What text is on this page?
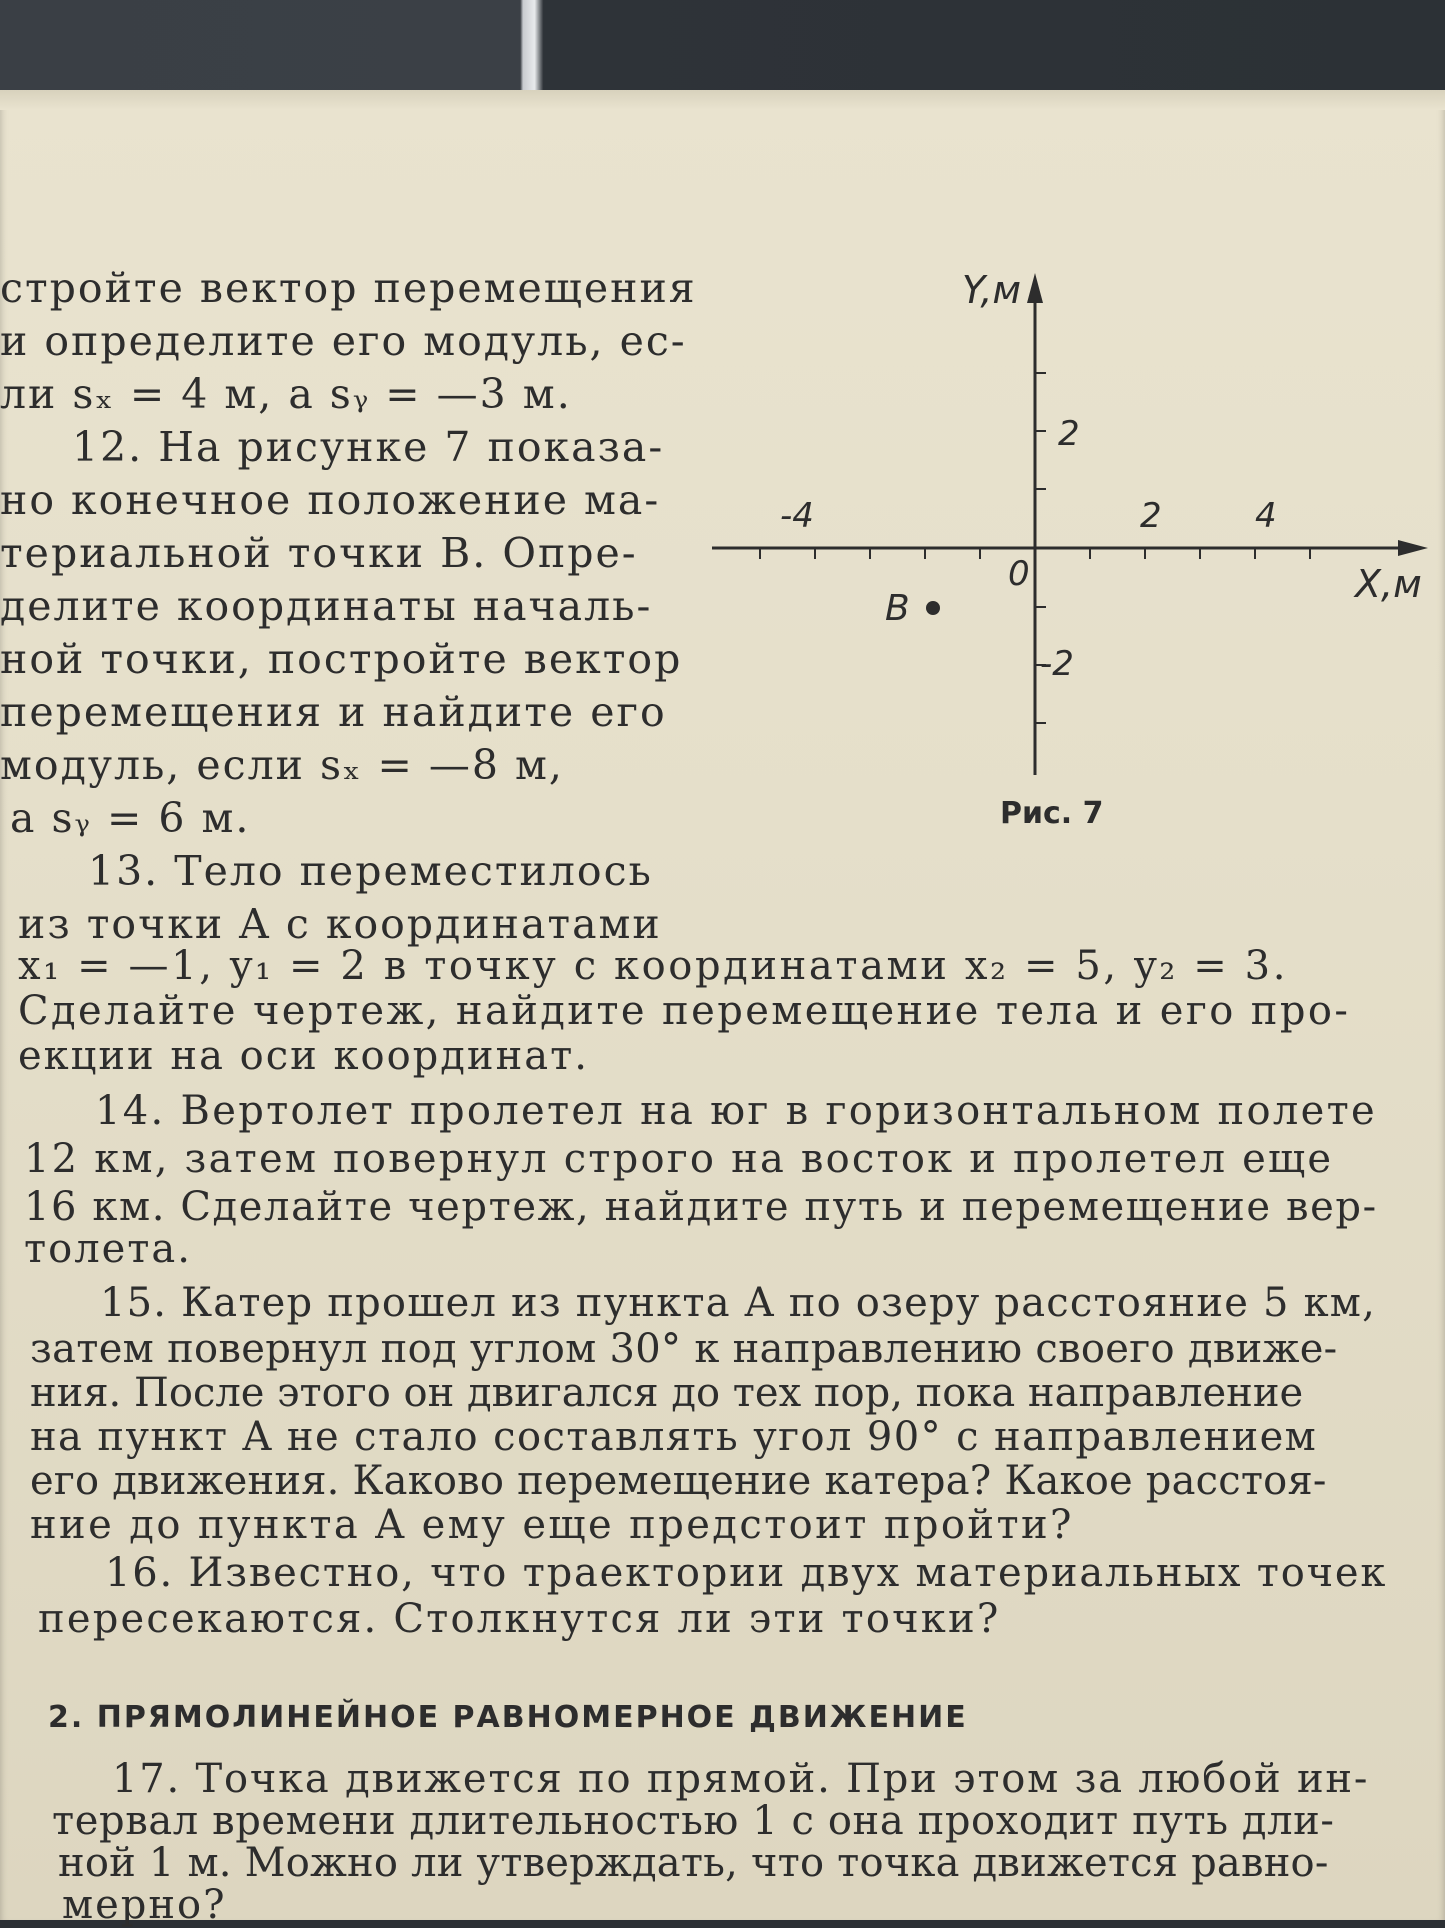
стройте вектор перемещения
и определите его модуль, ес-
ли sₓ = 4 м, а sᵧ = —3 м.
12. На рисунке 7 показа-
но конечное положение ма-
териальной точки B. Опре-
делите координаты началь-
ной точки, постройте вектор
перемещения и найдите его
модуль, если sₓ = —8 м,
а sᵧ = 6 м.
13. Тело переместилось
из точки A с координатами
Y,м
X,м
0
2
-2
-4	2	4
B
Рис. 7
x₁ = —1, y₁ = 2 в точку с координатами x₂ = 5, y₂ = 3.
Сделайте чертеж, найдите перемещение тела и его про-
екции на оси координат.
14. Вертолет пролетел на юг в горизонтальном полете
12 км, затем повернул строго на восток и пролетел еще
16 км. Сделайте чертеж, найдите путь и перемещение вер-
толета.
15. Катер прошел из пункта A по озеру расстояние 5 км,
затем повернул под углом 30° к направлению своего движе-
ния. После этого он двигался до тех пор, пока направление
на пункт A не стало составлять угол 90° с направлением
его движения. Каково перемещение катера? Какое расстоя-
ние до пункта A ему еще предстоит пройти?
16. Известно, что траектории двух материальных точек
пересекаются. Столкнутся ли эти точки?
2. ПРЯМОЛИНЕЙНОЕ РАВНОМЕРНОЕ ДВИЖЕНИЕ
17. Точка движется по прямой. При этом за любой ин-
тервал времени длительностью 1 с она проходит путь дли-
ной 1 м. Можно ли утверждать, что точка движется равно-
мерно?
